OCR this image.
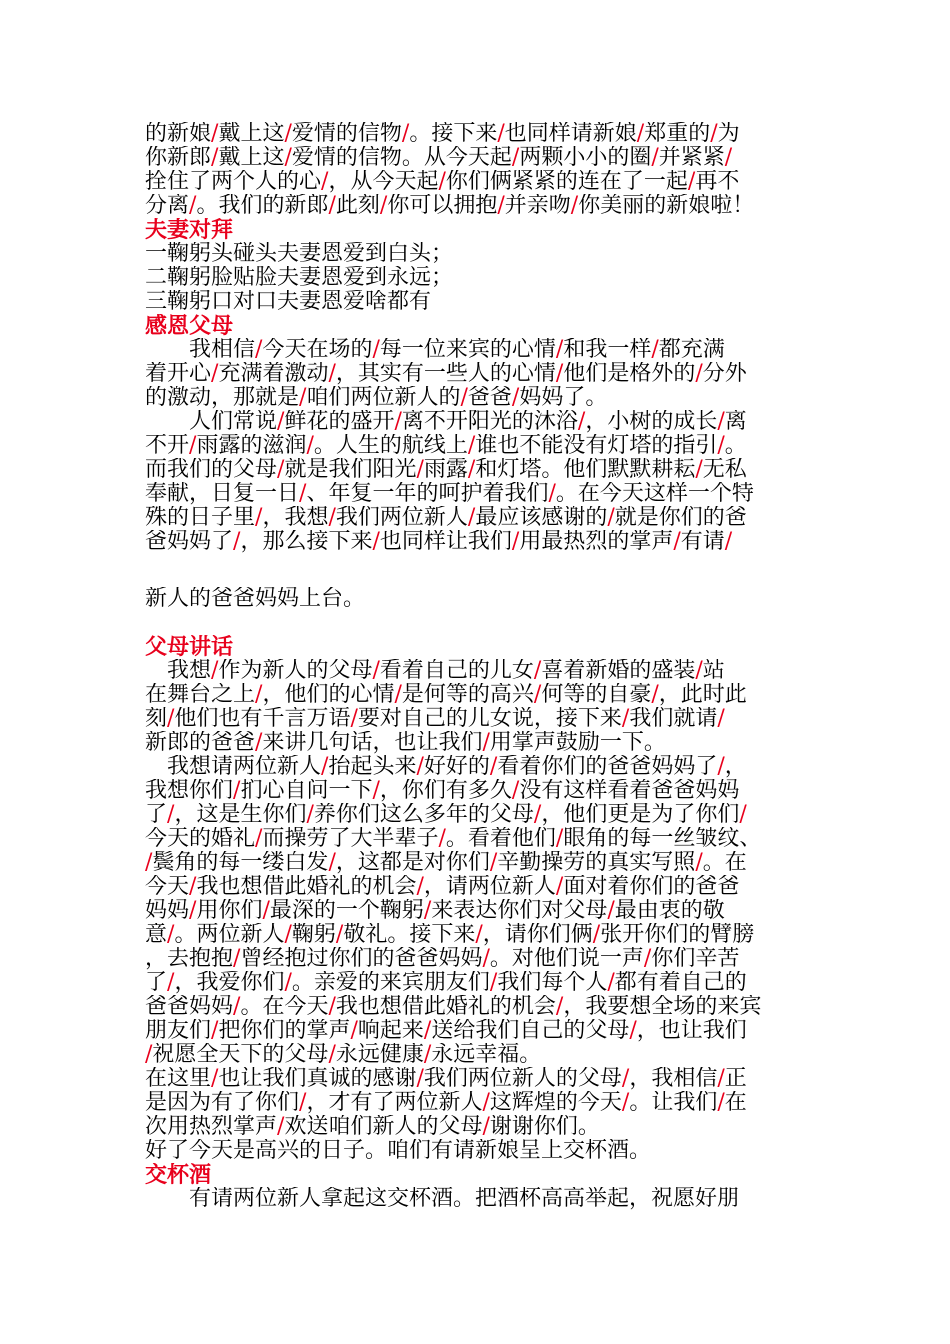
的新娘/戴上这/爱情的信物/。接下来/也同样请新娘/郑重的/为
你新郎/戴上这/爱情的信物。从今天起/两颗小小的圈/并紧紧/
拴住了两个人的心/，从今天起/你们俩紧紧的连在了一起/再不
分离/。我们的新郎/此刻/你可以拥抱/并亲吻/你美丽的新娘啦！
夫妻对拜
一鞠躬头碰头夫妻恩爱到白头；
二鞠躬脸贴脸夫妻恩爱到永远；
三鞠躬口对口夫妻恩爱啥都有
感恩父母
　　我相信/今天在场的/每一位来宾的心情/和我一样/都充满
着开心/充满着激动/，其实有一些人的心情/他们是格外的/分外
的激动，那就是/咱们两位新人的/爸爸/妈妈了。
　　人们常说/鲜花的盛开/离不开阳光的沐浴/，小树的成长/离
不开/雨露的滋润/。人生的航线上/谁也不能没有灯塔的指引/。
而我们的父母/就是我们阳光/雨露/和灯塔。他们默默耕耘/无私
奉献，日复一日/、年复一年的呵护着我们/。在今天这样一个特
殊的日子里/，我想/我们两位新人/最应该感谢的/就是你们的爸
爸妈妈了/，那么接下来/也同样让我们/用最热烈的掌声/有请/
新人的爸爸妈妈上台。
父母讲话
　我想/作为新人的父母/看着自己的儿女/喜着新婚的盛装/站
在舞台之上/，他们的心情/是何等的高兴/何等的自豪/，此时此
刻/他们也有千言万语/要对自己的儿女说，接下来/我们就请/
新郎的爸爸/来讲几句话，也让我们/用掌声鼓励一下。
　我想请两位新人/抬起头来/好好的/看着你们的爸爸妈妈了/，
我想你们/扪心自问一下/，你们有多久/没有这样看着爸爸妈妈
了/，这是生你们/养你们这么多年的父母/，他们更是为了你们/
今天的婚礼/而操劳了大半辈子/。看着他们/眼角的每一丝皱纹、
/鬓角的每一缕白发/，这都是对你们/辛勤操劳的真实写照/。在
今天/我也想借此婚礼的机会/，请两位新人/面对着你们的爸爸
妈妈/用你们/最深的一个鞠躬/来表达你们对父母/最由衷的敬
意/。两位新人/鞠躬/敬礼。接下来/，请你们俩/张开你们的臂膀
，去抱抱/曾经抱过你们的爸爸妈妈/。对他们说一声/你们辛苦
了/，我爱你们/。亲爱的来宾朋友们/我们每个人/都有着自己的
爸爸妈妈/。在今天/我也想借此婚礼的机会/，我要想全场的来宾
朋友们/把你们的掌声/响起来/送给我们自己的父母/，也让我们
/祝愿全天下的父母/永远健康/永远幸福。
在这里/也让我们真诚的感谢/我们两位新人的父母/，我相信/正
是因为有了你们/，才有了两位新人/这辉煌的今天/。让我们/在
次用热烈掌声/欢送咱们新人的父母/谢谢你们。
好了今天是高兴的日子。咱们有请新娘呈上交杯酒。
交杯酒
　　有请两位新人拿起这交杯酒。把酒杯高高举起，祝愿好朋
